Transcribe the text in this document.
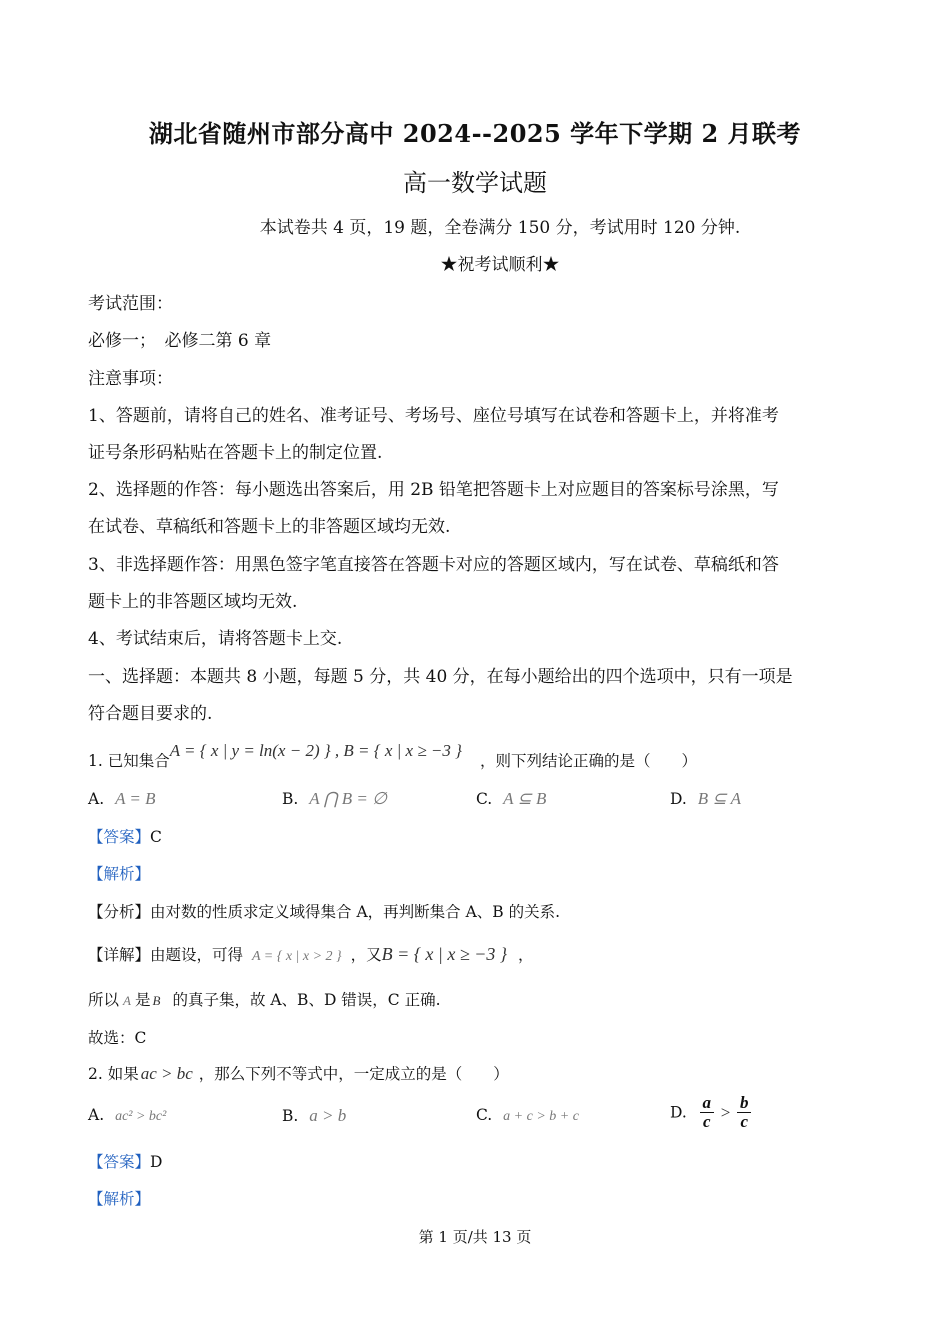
湖北省随州市部分高中 2024--2025 学年下学期 2 月联考
高一数学试题
本试卷共 4 页，19 题，全卷满分 150 分，考试用时 120 分钟.
★祝考试顺利★
考试范围：
必修一；　必修二第 6 章
注意事项：
1、答题前，请将自己的姓名、准考证号、考场号、座位号填写在试卷和答题卡上，并将准考
证号条形码粘贴在答题卡上的制定位置.
2、选择题的作答：每小题选出答案后，用 2B 铅笔把答题卡上对应题目的答案标号涂黑，写
在试卷、草稿纸和答题卡上的非答题区域均无效.
3、非选择题作答：用黑色签字笔直接答在答题卡对应的答题区域内，写在试卷、草稿纸和答
题卡上的非答题区域均无效.
4、考试结束后，请将答题卡上交.
一、选择题：本题共 8 小题，每题 5 分，共 40 分，在每小题给出的四个选项中，只有一项是
符合题目要求的.
1. 已知集合A = { x | y = ln(x − 2) } , B = { x | x ≥ −3 }，则下列结论正确的是（　　）
A. A = B	B. A ⋂ B = ∅	C. A ⊆ B	D. B ⊆ A
【答案】C
【解析】
【分析】由对数的性质求定义域得集合 A，再判断集合 A、B 的关系.
【详解】由题设，可得 A = { x | x > 2 } ，又B = { x | x ≥ −3 } ，
所以 A 是 B 的真子集，故 A、B、D 错误，C 正确.
故选：C
2. 如果 ac > bc ，那么下列不等式中，一定成立的是（　　）
A. ac² > bc²	B. a > b	C. a + c > b + c	D. $\frac{a}{c} > \frac{b}{c}$
【答案】D
【解析】
第 1 页/共 13 页
